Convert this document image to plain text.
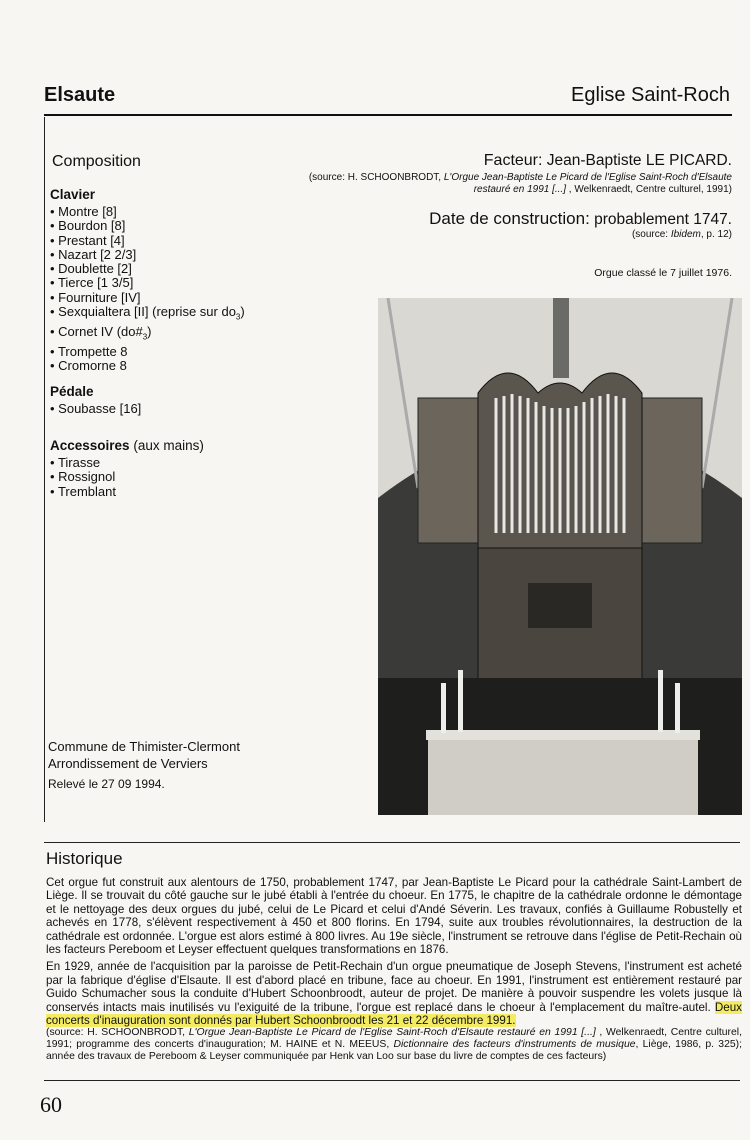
Elsaute	Eglise Saint-Roch
Composition
Clavier
• Montre [8]
• Bourdon [8]
• Prestant [4]
• Nazart [2 2/3]
• Doublette [2]
• Tierce [1 3/5]
• Fourniture [IV]
• Sexquialtera [II] (reprise sur $do_3$)
• Cornet IV $(do\#_3)$
• Trompette 8
• Cromorne 8
Pédale
• Soubasse [16]
Accessoires (aux mains)
• Tirasse
• Rossignol
• Tremblant
Commune de Thimister-Clermont
Arrondissement de Verviers
Relevé le 27 09 1994.
Facteur: Jean-Baptiste LE PICARD.
(source: H. SCHOONBRODT, L'Orgue Jean-Baptiste Le Picard de l'Eglise Saint-Roch d'Elsaute restauré en 1991 [...] , Welkenraedt, Centre culturel, 1991)
Date de construction: probablement 1747.
(source: Ibidem, p. 12)
Orgue classé le 7 juillet 1976.
Historique

Cet orgue fut construit aux alentours de 1750, probablement 1747, par Jean-Baptiste Le Picard pour la cathédrale Saint-Lambert de Liège. Il se trouvait du côté gauche sur le jubé établi à l'entrée du choeur. En 1775, le chapitre de la cathédrale ordonne le démontage et le nettoyage des deux orgues du jubé, celui de Le Picard et celui d'Andé Séverin. Les travaux, confiés à Guillaume Robustelly et achevés en 1778, s'élèvent respectivement à 450 et 800 florins. En 1794, suite aux troubles révolutionnaires, la destruction de la cathédrale est ordonnée. L'orgue est alors estimé à 800 livres. Au 19e siècle, l'instrument se retrouve dans l'église de Petit-Rechain où les facteurs Pereboom et Leyser effectuent quelques transformations en 1876.

En 1929, année de l'acquisition par la paroisse de Petit-Rechain d'un orgue pneumatique de Joseph Stevens, l'instrument est acheté par la fabrique d'église d'Elsaute. Il est d'abord placé en tribune, face au choeur. En 1991, l'instrument est entièrement restauré par Guido Schumacher sous la conduite d'Hubert Schoonbroodt, auteur de projet. De manière à pouvoir suspendre les volets jusque là conservés intacts mais inutilisés vu l'exiguité de la tribune, l'orgue est replacé dans le choeur à l'emplacement du maître-autel. Deux concerts d'inauguration sont donnés par Hubert Schoonbroodt les 21 et 22 décembre 1991.

(source: H. SCHOONBRODT, L'Orgue Jean-Baptiste Le Picard de l'Eglise Saint-Roch d'Elsaute restauré en 1991 [...] , Welkenraedt, Centre culturel, 1991; programme des concerts d'inauguration; M. HAINE et N. MEEUS, Dictionnaire des facteurs d'instruments de musique, Liège, 1986, p. 325); année des travaux de Pereboom & Leyser communiquée par Henk van Loo sur base du livre de comptes de ces facteurs)
60
